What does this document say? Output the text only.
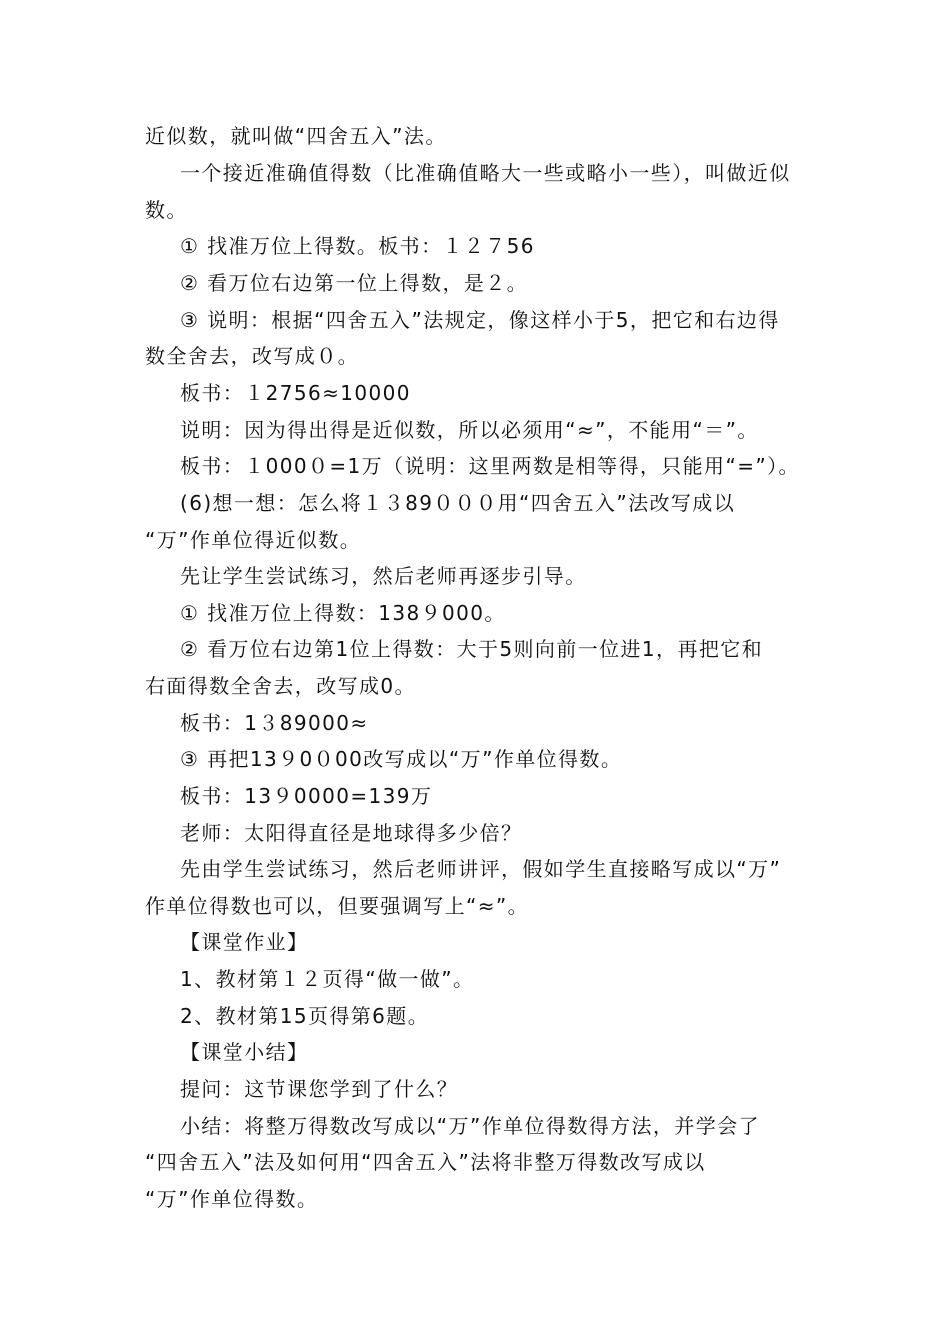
近似数，就叫做“四舍五入”法。
一个接近准确值得数（比准确值略大一些或略小一些），叫做近似
数。
① 找准万位上得数。板书：１２７56
② 看万位右边第一位上得数，是２。
③ 说明：根据“四舍五入”法规定，像这样小于5，把它和右边得
数全舍去，改写成０。
板书：１2756≈10000
说明：因为得出得是近似数，所以必须用“≈”，不能用“＝”。
板书：１000０=1万（说明：这里两数是相等得，只能用“=”）。
(6)想一想：怎么将１３89０００用“四舍五入”法改写成以
“万”作单位得近似数。
先让学生尝试练习，然后老师再逐步引导。
① 找准万位上得数：138９000。
② 看万位右边第1位上得数：大于5则向前一位进1，再把它和
右面得数全舍去，改写成0。
板书：1３89000≈
③ 再把13９0０00改写成以“万”作单位得数。
板书：13９0000=139万
老师：太阳得直径是地球得多少倍？
先由学生尝试练习，然后老师讲评，假如学生直接略写成以“万”
作单位得数也可以，但要强调写上“≈”。
【课堂作业】
1、教材第１２页得“做一做”。
2、教材第15页得第6题。
【课堂小结】
提问：这节课您学到了什么？
小结：将整万得数改写成以“万”作单位得数得方法，并学会了
“四舍五入”法及如何用“四舍五入”法将非整万得数改写成以
“万”作单位得数。
